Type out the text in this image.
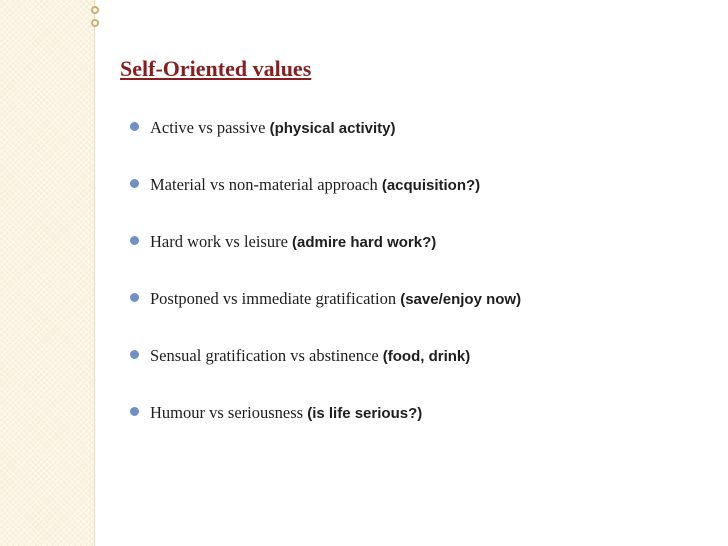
Self-Oriented values
Active vs passive (physical activity)
Material vs non-material approach (acquisition?)
Hard work vs leisure (admire hard work?)
Postponed vs immediate gratification (save/enjoy now)
Sensual gratification vs abstinence (food, drink)
Humour vs seriousness (is life serious?)
